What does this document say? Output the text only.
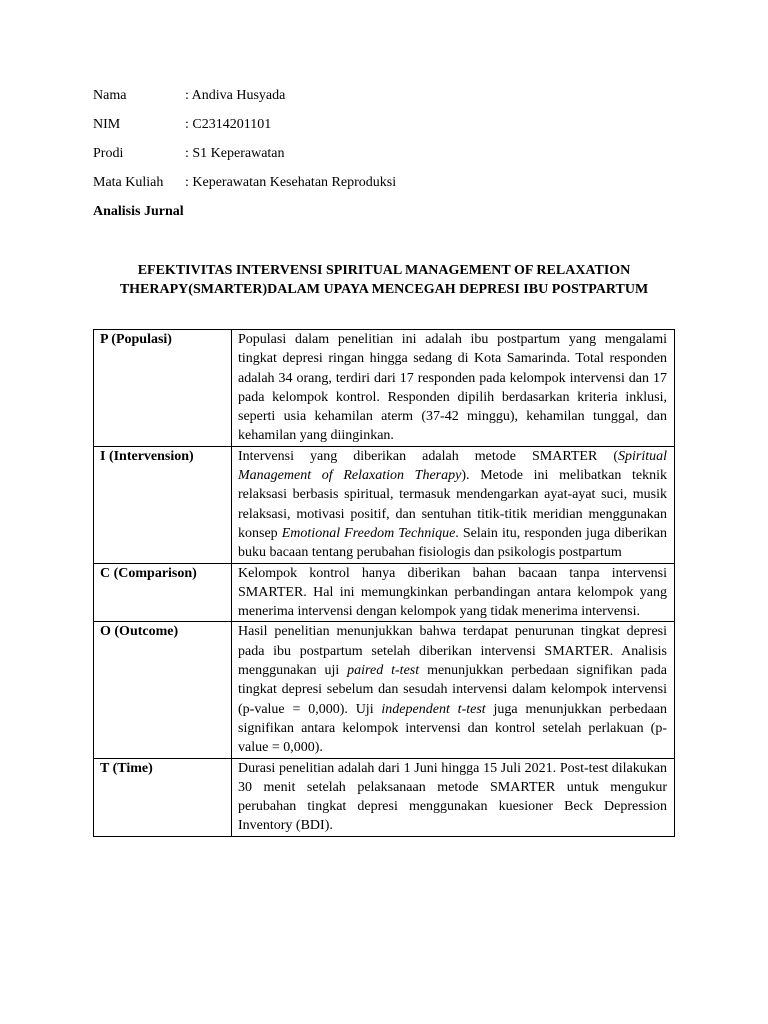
Nama	: Andiva Husyada
NIM	: C2314201101
Prodi	: S1 Keperawatan
Mata Kuliah	: Keperawatan Kesehatan Reproduksi
Analisis Jurnal
EFEKTIVITAS INTERVENSI SPIRITUAL MANAGEMENT OF RELAXATION THERAPY(SMARTER)DALAM UPAYA MENCEGAH DEPRESI IBU POSTPARTUM
P (Populasi)	Populasi dalam penelitian ini adalah ibu postpartum yang mengalami tingkat depresi ringan hingga sedang di Kota Samarinda. Total responden adalah 34 orang, terdiri dari 17 responden pada kelompok intervensi dan 17 pada kelompok kontrol. Responden dipilih berdasarkan kriteria inklusi, seperti usia kehamilan aterm (37-42 minggu), kehamilan tunggal, dan kehamilan yang diinginkan.
I (Intervension)	Intervensi yang diberikan adalah metode SMARTER (Spiritual Management of Relaxation Therapy). Metode ini melibatkan teknik relaksasi berbasis spiritual, termasuk mendengarkan ayat-ayat suci, musik relaksasi, motivasi positif, dan sentuhan titik-titik meridian menggunakan konsep Emotional Freedom Technique. Selain itu, responden juga diberikan buku bacaan tentang perubahan fisiologis dan psikologis postpartum
C (Comparison)	Kelompok kontrol hanya diberikan bahan bacaan tanpa intervensi SMARTER. Hal ini memungkinkan perbandingan antara kelompok yang menerima intervensi dengan kelompok yang tidak menerima intervensi.
O (Outcome)	Hasil penelitian menunjukkan bahwa terdapat penurunan tingkat depresi pada ibu postpartum setelah diberikan intervensi SMARTER. Analisis menggunakan uji paired t-test menunjukkan perbedaan signifikan pada tingkat depresi sebelum dan sesudah intervensi dalam kelompok intervensi (p-value = 0,000). Uji independent t-test juga menunjukkan perbedaan signifikan antara kelompok intervensi dan kontrol setelah perlakuan (p-value = 0,000).
T (Time)	Durasi penelitian adalah dari 1 Juni hingga 15 Juli 2021. Post-test dilakukan 30 menit setelah pelaksanaan metode SMARTER untuk mengukur perubahan tingkat depresi menggunakan kuesioner Beck Depression Inventory (BDI).
